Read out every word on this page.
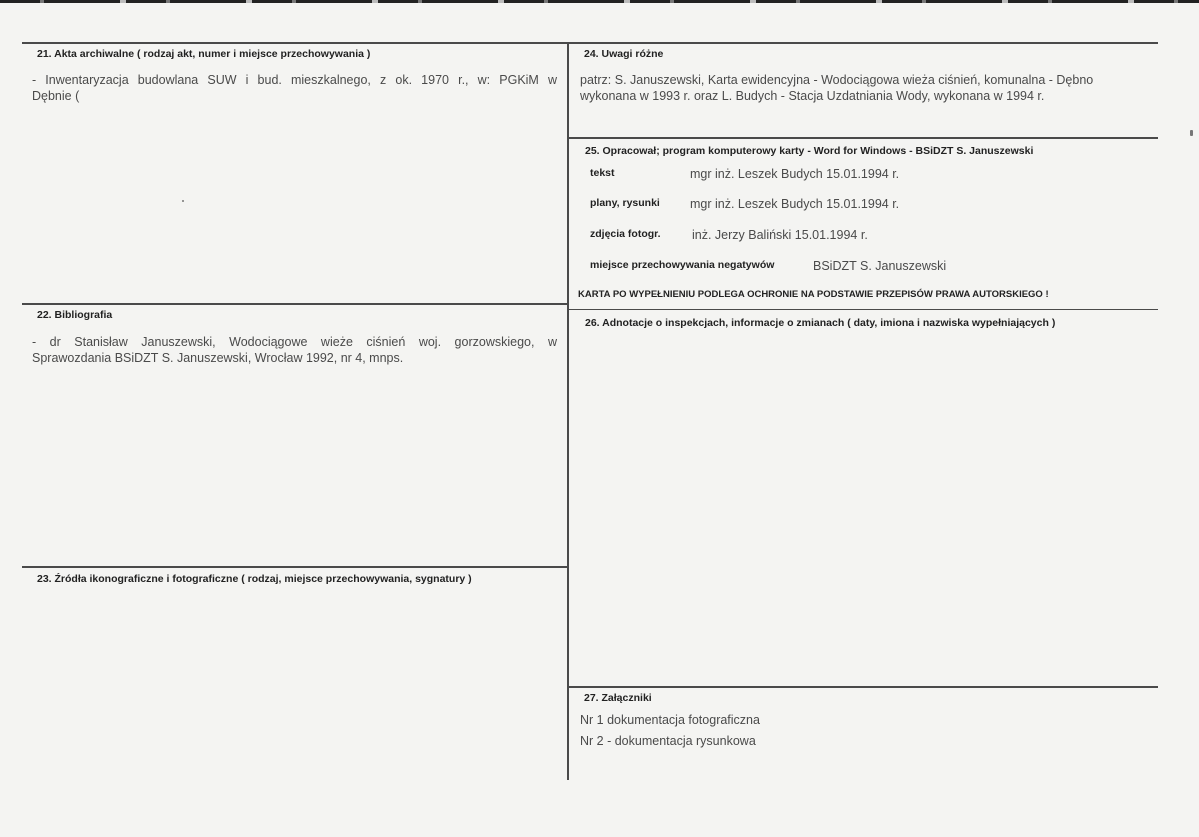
21. Akta archiwalne ( rodzaj akt, numer i miejsce przechowywania )
- Inwentaryzacja budowlana SUW i bud. mieszkalnego, z ok. 1970 r., w: PGKiM w
Dębnie (
22. Bibliografia
- dr Stanisław Januszewski, Wodociągowe wieże ciśnień woj. gorzowskiego, w
Sprawozdania BSiDZT S. Januszewski, Wrocław 1992, nr 4, mnps.
23. Źródła ikonograficzne i fotograficzne ( rodzaj, miejsce przechowywania, sygnatury )
24. Uwagi różne
patrz: S. Januszewski, Karta ewidencyjna - Wodociągowa wieża ciśnień, komunalna - Dębno
wykonana w 1993 r. oraz L. Budych - Stacja Uzdatniania Wody, wykonana w 1994 r.
25. Opracował; program komputerowy karty - Word for Windows - BSiDZT S. Januszewski
tekst	mgr inż. Leszek Budych 15.01.1994 r.
plany, rysunki mgr inż. Leszek Budych 15.01.1994 r.
zdjęcia fotogr.	inż. Jerzy Baliński 15.01.1994 r.
miejsce przechowywania negatywów	BSiDZT S. Januszewski
KARTA PO WYPEŁNIENIU PODLEGA OCHRONIE NA PODSTAWIE PRZEPISÓW PRAWA AUTORSKIEGO !
26. Adnotacje o inspekcjach, informacje o zmianach ( daty, imiona i nazwiska wypełniających )
27. Załączniki
Nr 1 dokumentacja fotograficzna
Nr 2 - dokumentacja rysunkowa
